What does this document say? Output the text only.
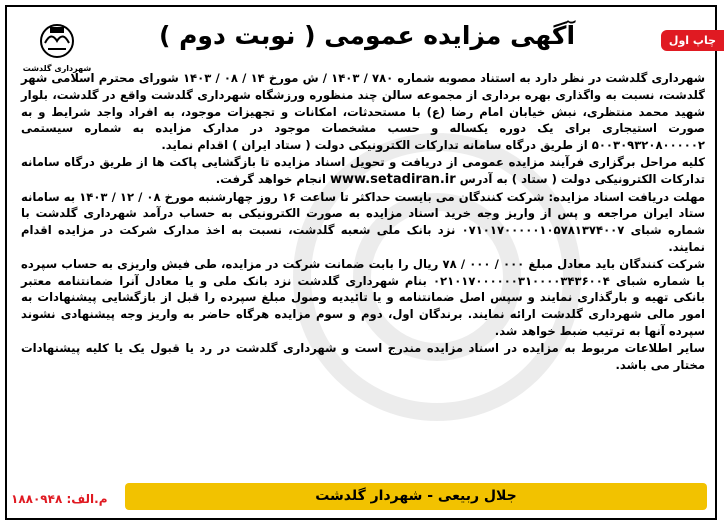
شهرداری گلدشت
آگهی مزایده عمومی ( نوبت دوم )

شهرداری گلدشت در نظر دارد به استناد مصوبه شماره ۷۸۰ / ۱۴۰۳ / ش مورخ ۱۴ / ۰۸ / ۱۴۰۳ شورای محترم اسلامی شهر گلدشت، نسبت به واگذاری بهره برداری از مجموعه سالن چند منظوره ورزشگاه شهرداری گلدشت واقع در گلدشت، بلوار شهید محمد منتظری، نبش خیابان امام رضا (ع) با مستحدثات، امکانات و تجهیزات موجود، به افراد واجد شرایط و به صورت استیجاری برای یک دوره یکساله و حسب مشخصات موجود در مدارک مزایده به شماره سیستمی ۵۰۰۳۰۹۳۲۰۸۰۰۰۰۰۲ از طریق درگاه سامانه تدارکات الکترونیکی دولت ( ستاد ایران ) اقدام نماید.

کلیه مراحل برگزاری فرآیند مزایده عمومی از دریافت و تحویل اسناد مزایده تا بازگشایی پاکت ها از طریق درگاه سامانه تدارکات الکترونیکی دولت ( ستاد ) به آدرس www.setadiran.ir انجام خواهد گرفت.

مهلت دریافت اسناد مزایده: شرکت کنندگان می بایست حداکثر تا ساعت ۱۶ روز چهارشنبه مورخ ۰۸ / ۱۲ / ۱۴۰۳ به سامانه ستاد ایران مراجعه و پس از واریز وجه خرید اسناد مزایده به صورت الکترونیکی به حساب درآمد شهرداری گلدشت با شماره شبای ۰۷۱۰۱۷۰۰۰۰۰۱۰۵۷۸۱۳۷۴۰۰۷ نزد بانک ملی شعبه گلدشت، نسبت به اخذ مدارک شرکت در مزایده اقدام نمایند.

شرکت کنندگان باید معادل مبلغ ۰۰۰ / ۰۰۰ / ۷۸ ریال را بابت ضمانت شرکت در مزایده، طی فیش واریزی به حساب سپرده با شماره شبای ۰۲۱۰۱۷۰۰۰۰۰۰۳۱۰۰۰۰۳۴۳۶۰۰۴ بنام شهرداری گلدشت نزد بانک ملی و یا معادل آنرا ضمانتنامه معتبر بانکی تهیه و بارگذاری نمایند و سپس اصل ضمانتنامه و یا تائیدیه وصول مبلغ سپرده را قبل از بازگشایی پیشنهادات به امور مالی شهرداری گلدشت ارائه نمایند. برندگان اول، دوم و سوم مزایده هرگاه حاضر به واریز وجه پیشنهادی نشوند سپرده آنها به ترتیب ضبط خواهد شد.

سایر اطلاعات مربوط به مزایده در اسناد مزایده مندرج است و شهرداری گلدشت در رد یا قبول یک یا کلیه پیشنهادات مختار می باشد.

جلال ربیعی - شهردار گلدشت
م.الف: ۱۸۸۰۹۴۸
چاپ اول
